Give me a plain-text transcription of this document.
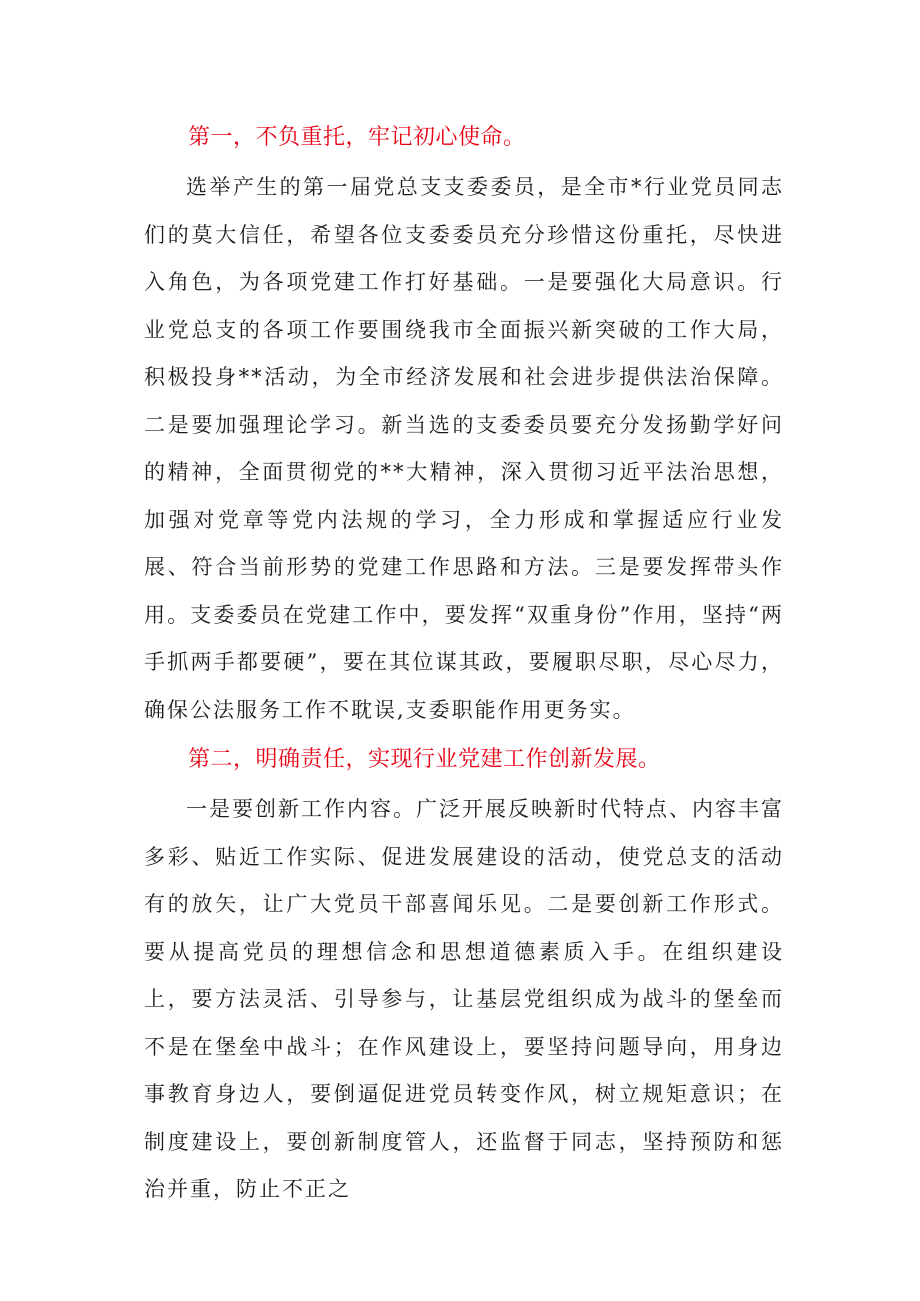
第一，不负重托，牢记初心使命。

选举产生的第一届党总支支委委员，是全市*行业党员同志们的莫大信任，希望各位支委委员充分珍惜这份重托，尽快进入角色，为各项党建工作打好基础。一是要强化大局意识。行业党总支的各项工作要围绕我市全面振兴新突破的工作大局，积极投身**活动，为全市经济发展和社会进步提供法治保障。二是要加强理论学习。新当选的支委委员要充分发扬勤学好问的精神，全面贯彻党的**大精神，深入贯彻习近平法治思想，加强对党章等党内法规的学习，全力形成和掌握适应行业发展、符合当前形势的党建工作思路和方法。三是要发挥带头作用。支委委员在党建工作中，要发挥“双重身份”作用，坚持“两手抓两手都要硬”，要在其位谋其政，要履职尽职，尽心尽力，确保公法服务工作不耽误,支委职能作用更务实。

第二，明确责任，实现行业党建工作创新发展。

一是要创新工作内容。广泛开展反映新时代特点、内容丰富多彩、贴近工作实际、促进发展建设的活动，使党总支的活动有的放矢，让广大党员干部喜闻乐见。二是要创新工作形式。要从提高党员的理想信念和思想道德素质入手。在组织建设上，要方法灵活、引导参与，让基层党组织成为战斗的堡垒而不是在堡垒中战斗；在作风建设上，要坚持问题导向，用身边事教育身边人，要倒逼促进党员转变作风，树立规矩意识；在制度建设上，要创新制度管人，还监督于同志，坚持预防和惩治并重，防止不正之
